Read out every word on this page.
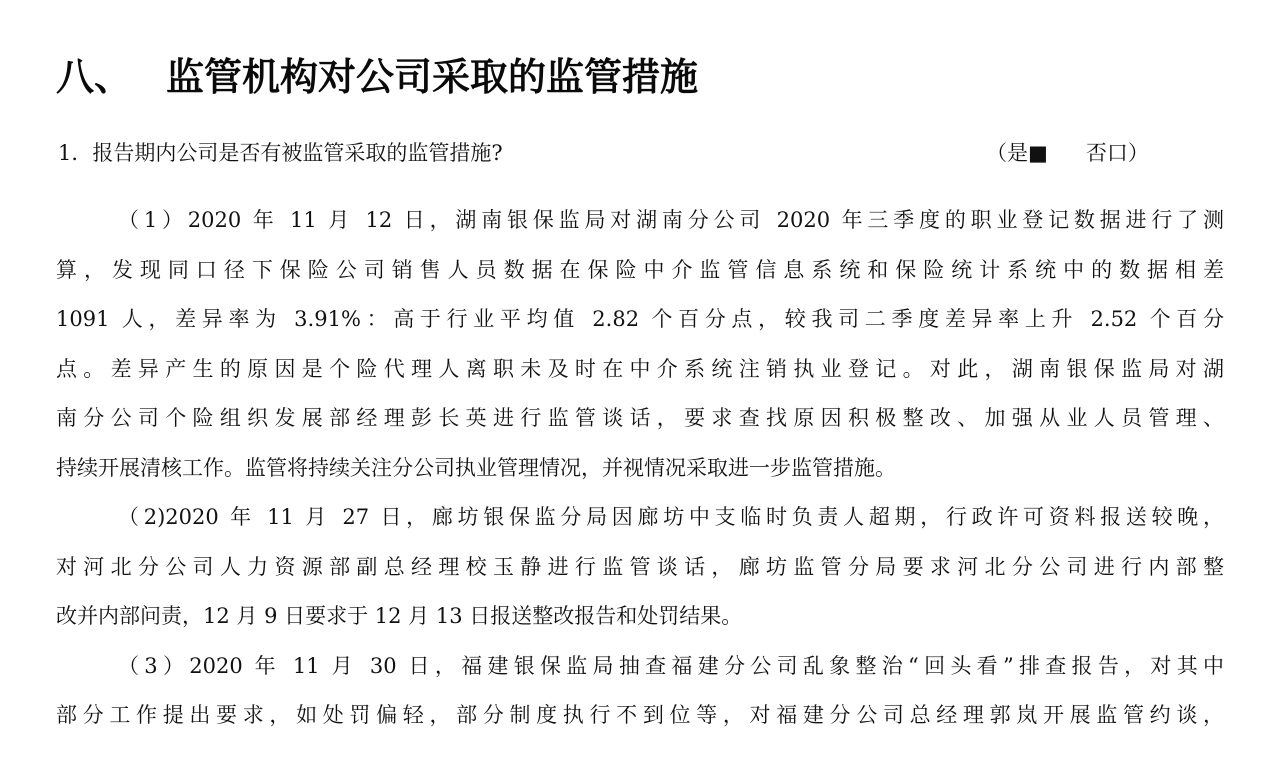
八、 监管机构对公司采取的监管措施
1．报告期内公司是否有被监管采取的监管措施?	（是■ 否口）
（1）2020 年 11 月 12 日，湖南银保监局对湖南分公司 2020 年三季度的职业登记数据进行了测
算，发现同口径下保险公司销售人员数据在保险中介监管信息系统和保险统计系统中的数据相差
1091 人，差异率为 3.91%：高于行业平均值 2.82 个百分点，较我司二季度差异率上升 2.52 个百分
点。差异产生的原因是个险代理人离职未及时在中介系统注销执业登记。对此，湖南银保监局对湖
南分公司个险组织发展部经理彭长英进行监管谈话，要求查找原因积极整改、加强从业人员管理、
持续开展清核工作。监管将持续关注分公司执业管理情况，并视情况采取进一步监管措施。
（2)2020 年 11 月 27 日，廊坊银保监分局因廊坊中支临时负责人超期，行政许可资料报送较晚，
对河北分公司人力资源部副总经理校玉静进行监管谈话，廊坊监管分局要求河北分公司进行内部整
改并内部问责，12 月 9 日要求于 12 月 13 日报送整改报告和处罚结果。
（3）2020 年 11 月 30 日，福建银保监局抽查福建分公司乱象整治“回头看”排查报告，对其中
部分工作提出要求，如处罚偏轻，部分制度执行不到位等，对福建分公司总经理郭岚开展监管约谈，
